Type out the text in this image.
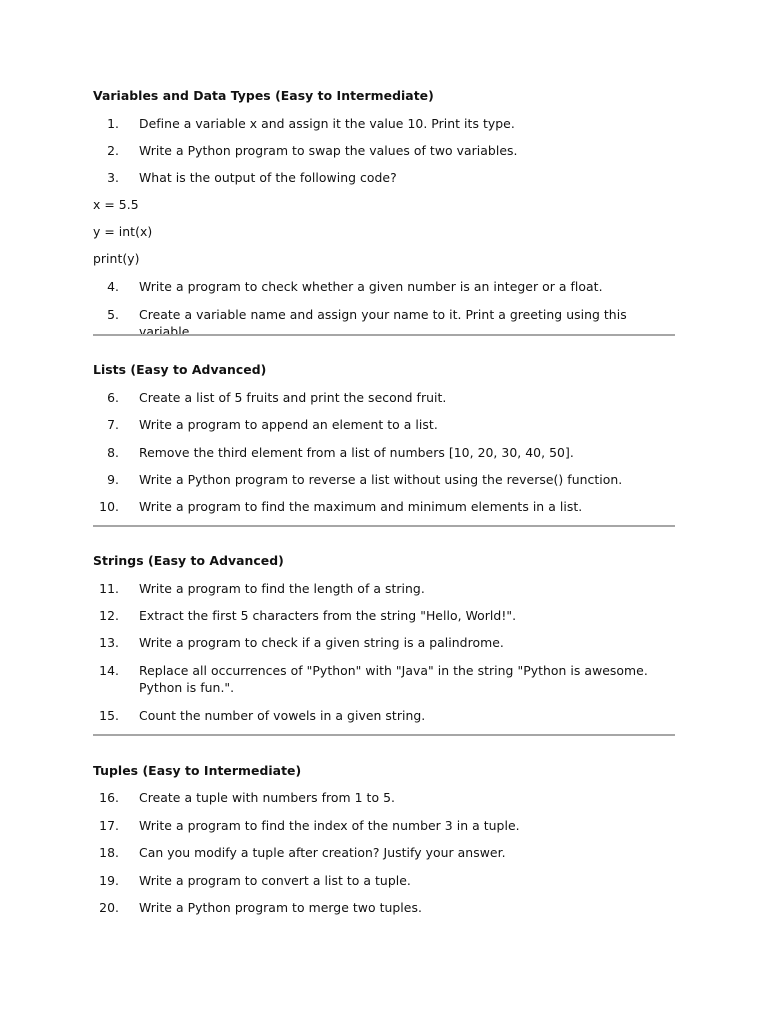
Variables and Data Types (Easy to Intermediate)
1. Define a variable x and assign it the value 10. Print its type.
2. Write a Python program to swap the values of two variables.
3. What is the output of the following code?
x = 5.5
y = int(x)
print(y)
4. Write a program to check whether a given number is an integer or a float.
5. Create a variable name and assign your name to it. Print a greeting using this variable.
Lists (Easy to Advanced)
6. Create a list of 5 fruits and print the second fruit.
7. Write a program to append an element to a list.
8. Remove the third element from a list of numbers [10, 20, 30, 40, 50].
9. Write a Python program to reverse a list without using the reverse() function.
10. Write a program to find the maximum and minimum elements in a list.
Strings (Easy to Advanced)
11. Write a program to find the length of a string.
12. Extract the first 5 characters from the string "Hello, World!".
13. Write a program to check if a given string is a palindrome.
14. Replace all occurrences of "Python" with "Java" in the string "Python is awesome. Python is fun.".
15. Count the number of vowels in a given string.
Tuples (Easy to Intermediate)
16. Create a tuple with numbers from 1 to 5.
17. Write a program to find the index of the number 3 in a tuple.
18. Can you modify a tuple after creation? Justify your answer.
19. Write a program to convert a list to a tuple.
20. Write a Python program to merge two tuples.
